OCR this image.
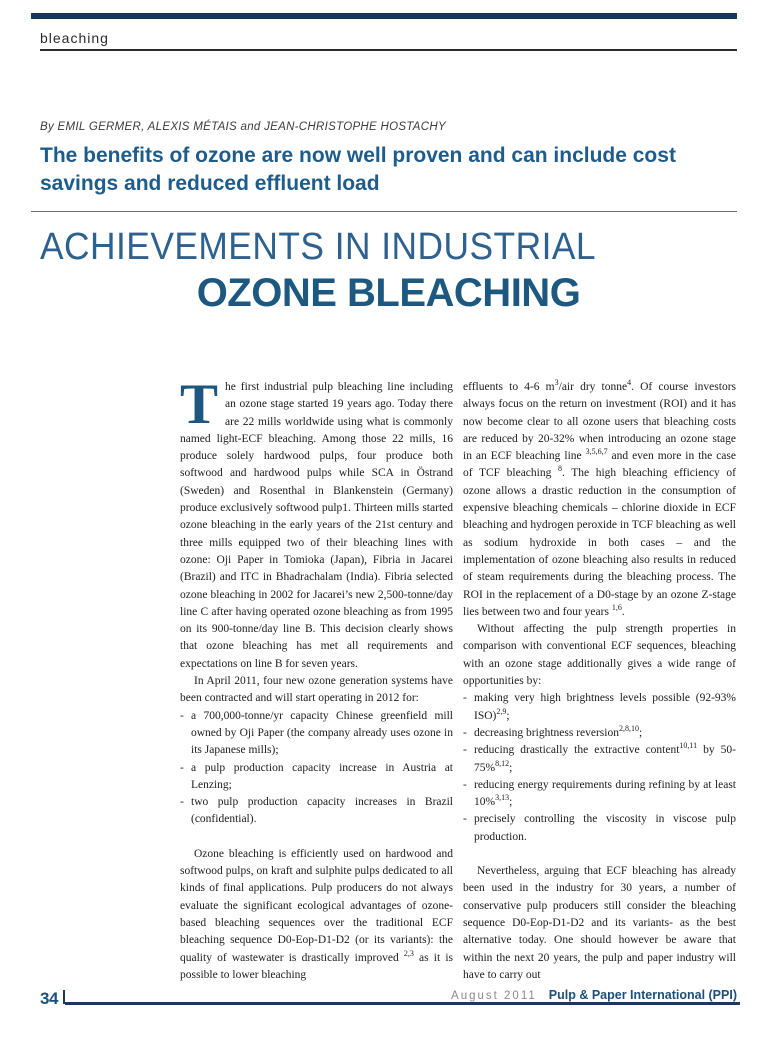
bleaching
By EMIL GERMER, ALEXIS MÉTAIS and JEAN-CHRISTOPHE HOSTACHY
The benefits of ozone are now well proven and can include cost savings and reduced effluent load
ACHIEVEMENTS IN INDUSTRIAL
OZONE BLEACHING
The first industrial pulp bleaching line including an ozone stage started 19 years ago. Today there are 22 mills worldwide using what is commonly named light-ECF bleaching. Among those 22 mills, 16 produce solely hardwood pulps, four produce both softwood and hardwood pulps while SCA in Östrand (Sweden) and Rosenthal in Blankenstein (Germany) produce exclusively softwood pulp1. Thirteen mills started ozone bleaching in the early years of the 21st century and three mills equipped two of their bleaching lines with ozone: Oji Paper in Tomioka (Japan), Fibria in Jacarei (Brazil) and ITC in Bhadrachalam (India). Fibria selected ozone bleaching in 2002 for Jacarei’s new 2,500-tonne/day line C after having operated ozone bleaching as from 1995 on its 900-tonne/day line B. This decision clearly shows that ozone bleaching has met all requirements and expectations on line B for seven years.
In April 2011, four new ozone generation systems have been contracted and will start operating in 2012 for:
- a 700,000-tonne/yr capacity Chinese greenfield mill owned by Oji Paper (the company already uses ozone in its Japanese mills);
- a pulp production capacity increase in Austria at Lenzing;
- two pulp production capacity increases in Brazil (confidential).
Ozone bleaching is efficiently used on hardwood and softwood pulps, on kraft and sulphite pulps dedicated to all kinds of final applications. Pulp producers do not always evaluate the significant ecological advantages of ozone-based bleaching sequences over the traditional ECF bleaching sequence D0-Eop-D1-D2 (or its variants): the quality of wastewater is drastically improved $^{2,3}$ as it is possible to lower bleaching
effluents to 4-6 $m^3$/air dry tonne$^4$. Of course investors always focus on the return on investment (ROI) and it has now become clear to all ozone users that bleaching costs are reduced by 20-32% when introducing an ozone stage in an ECF bleaching line $^{3,5,6,7}$ and even more in the case of TCF bleaching $^8$. The high bleaching efficiency of ozone allows a drastic reduction in the consumption of expensive bleaching chemicals – chlorine dioxide in ECF bleaching and hydrogen peroxide in TCF bleaching as well as sodium hydroxide in both cases – and the implementation of ozone bleaching also results in reduced of steam requirements during the bleaching process. The ROI in the replacement of a D0-stage by an ozone Z-stage lies between two and four years $^{1,6}$.
Without affecting the pulp strength properties in comparison with conventional ECF sequences, bleaching with an ozone stage additionally gives a wide range of opportunities by:
- making very high brightness levels possible (92-93% ISO)$^{2,9}$;
- decreasing brightness reversion$^{2,8,10}$;
- reducing drastically the extractive content$^{10,11}$ by 50-75%$^{8,12}$;
- reducing energy requirements during refining by at least 10%$^{3,13}$;
- precisely controlling the viscosity in viscose pulp production.
Nevertheless, arguing that ECF bleaching has already been used in the industry for 30 years, a number of conservative pulp producers still consider the bleaching sequence D0-Eop-D1-D2 and its variants- as the best alternative today. One should however be aware that within the next 20 years, the pulp and paper industry will have to carry out
34	August 2011 Pulp & Paper International (PPI)
